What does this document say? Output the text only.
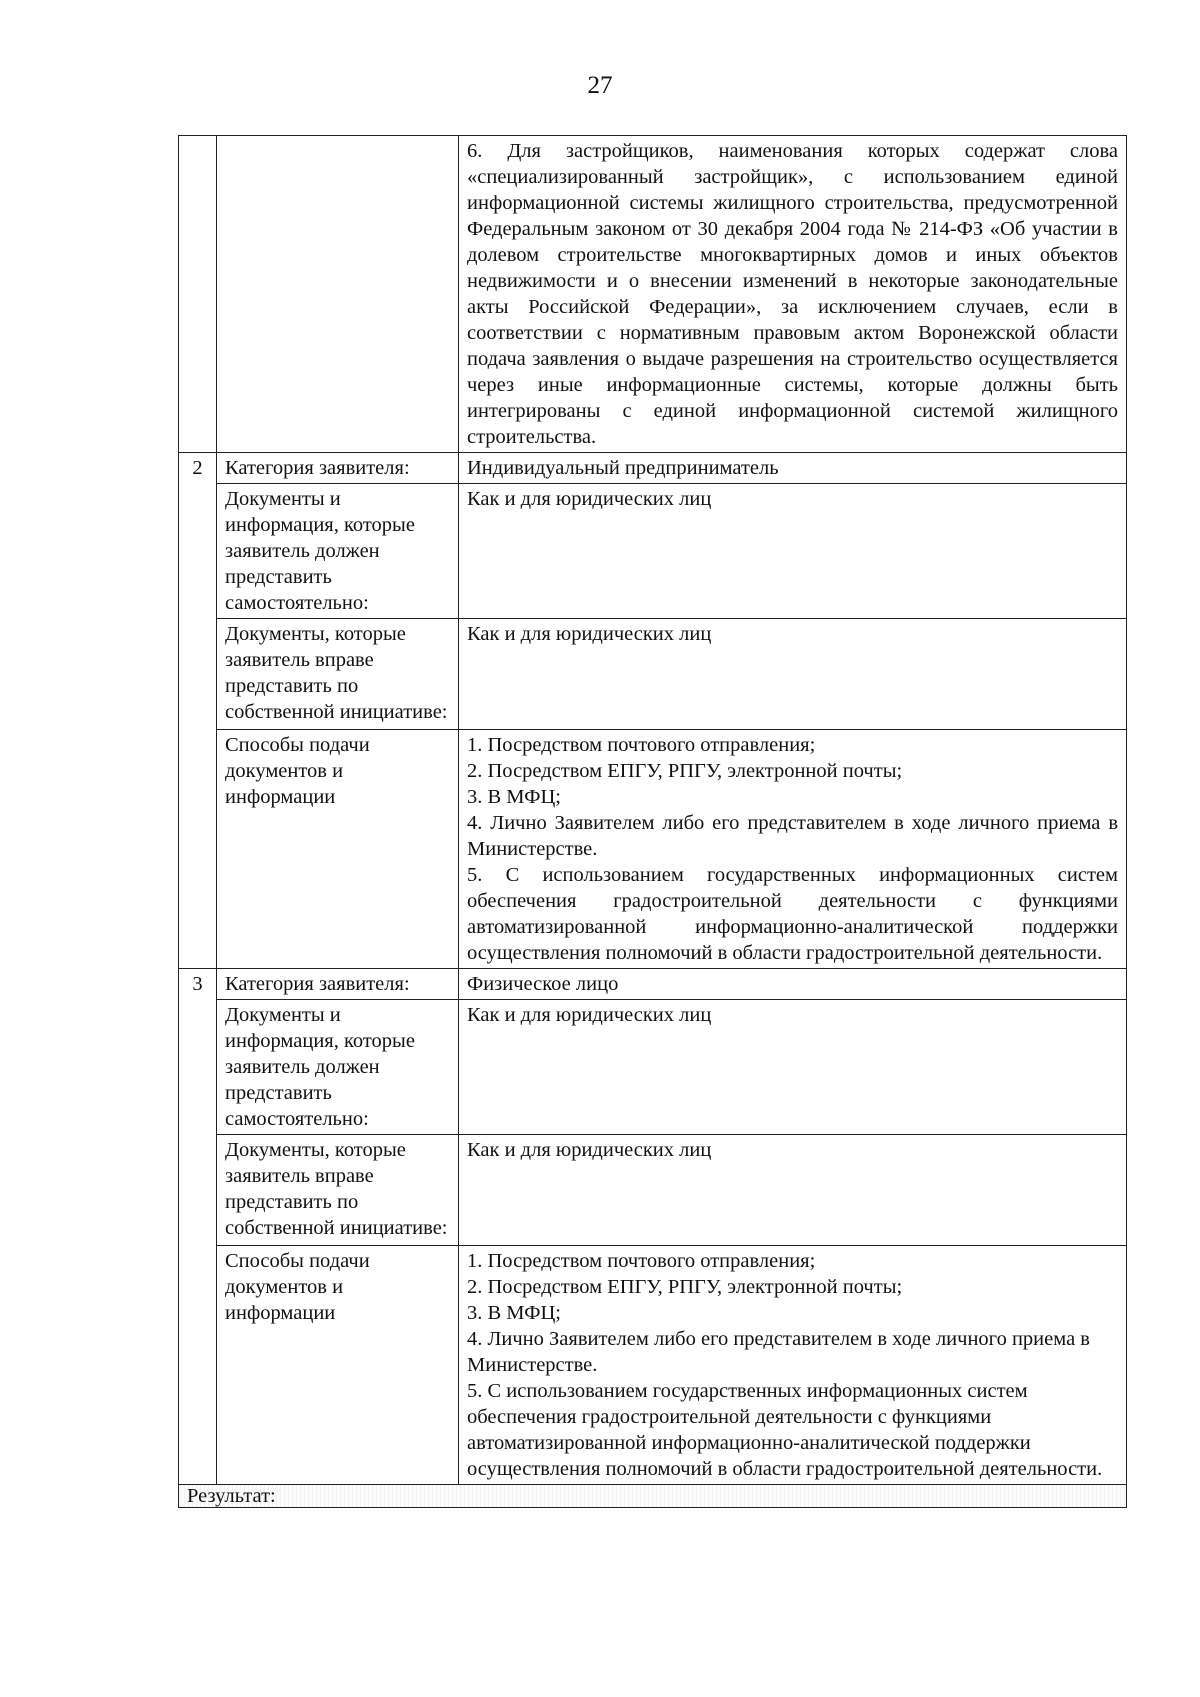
27
		6. Для застройщиков, наименования которых содержат слова «специализированный застройщик», с использованием единой информационной системы жилищного строительства, предусмотренной Федеральным законом от 30 декабря 2004 года № 214-ФЗ «Об участии в долевом строительстве многоквартирных домов и иных объектов недвижимости и о внесении изменений в некоторые законодательные акты Российской Федерации», за исключением случаев, если в соответствии с нормативным правовым актом Воронежской области подача заявления о выдаче разрешения на строительство осуществляется через иные информационные системы, которые должны быть интегрированы с единой информационной системой жилищного строительства.
2	Категория заявителя:	Индивидуальный предприниматель
	Документы и информация, которые заявитель должен представить самостоятельно:	Как и для юридических лиц
	Документы, которые заявитель вправе представить по собственной инициативе:	Как и для юридических лиц
	Способы подачи документов и информации	1. Посредством почтового отправления;
2. Посредством ЕПГУ, РПГУ, электронной почты;
3. В МФЦ;
4. Лично Заявителем либо его представителем в ходе личного приема в Министерстве.
5. С использованием государственных информационных систем обеспечения градостроительной деятельности с функциями автоматизированной информационно-аналитической поддержки осуществления полномочий в области градостроительной деятельности.

3	Категория заявителя:	Физическое лицо
	Документы и информация, которые заявитель должен представить самостоятельно:	Как и для юридических лиц
	Документы, которые заявитель вправе представить по собственной инициативе:	Как и для юридических лиц
	Способы подачи документов и информации	1. Посредством почтового отправления;
2. Посредством ЕПГУ, РПГУ, электронной почты;
3. В МФЦ;
4. Лично Заявителем либо его представителем в ходе личного приема в Министерстве.
5. С использованием государственных информационных систем обеспечения градостроительной деятельности с функциями автоматизированной информационно-аналитической поддержки осуществления полномочий в области градостроительной деятельности.

Результат:		
